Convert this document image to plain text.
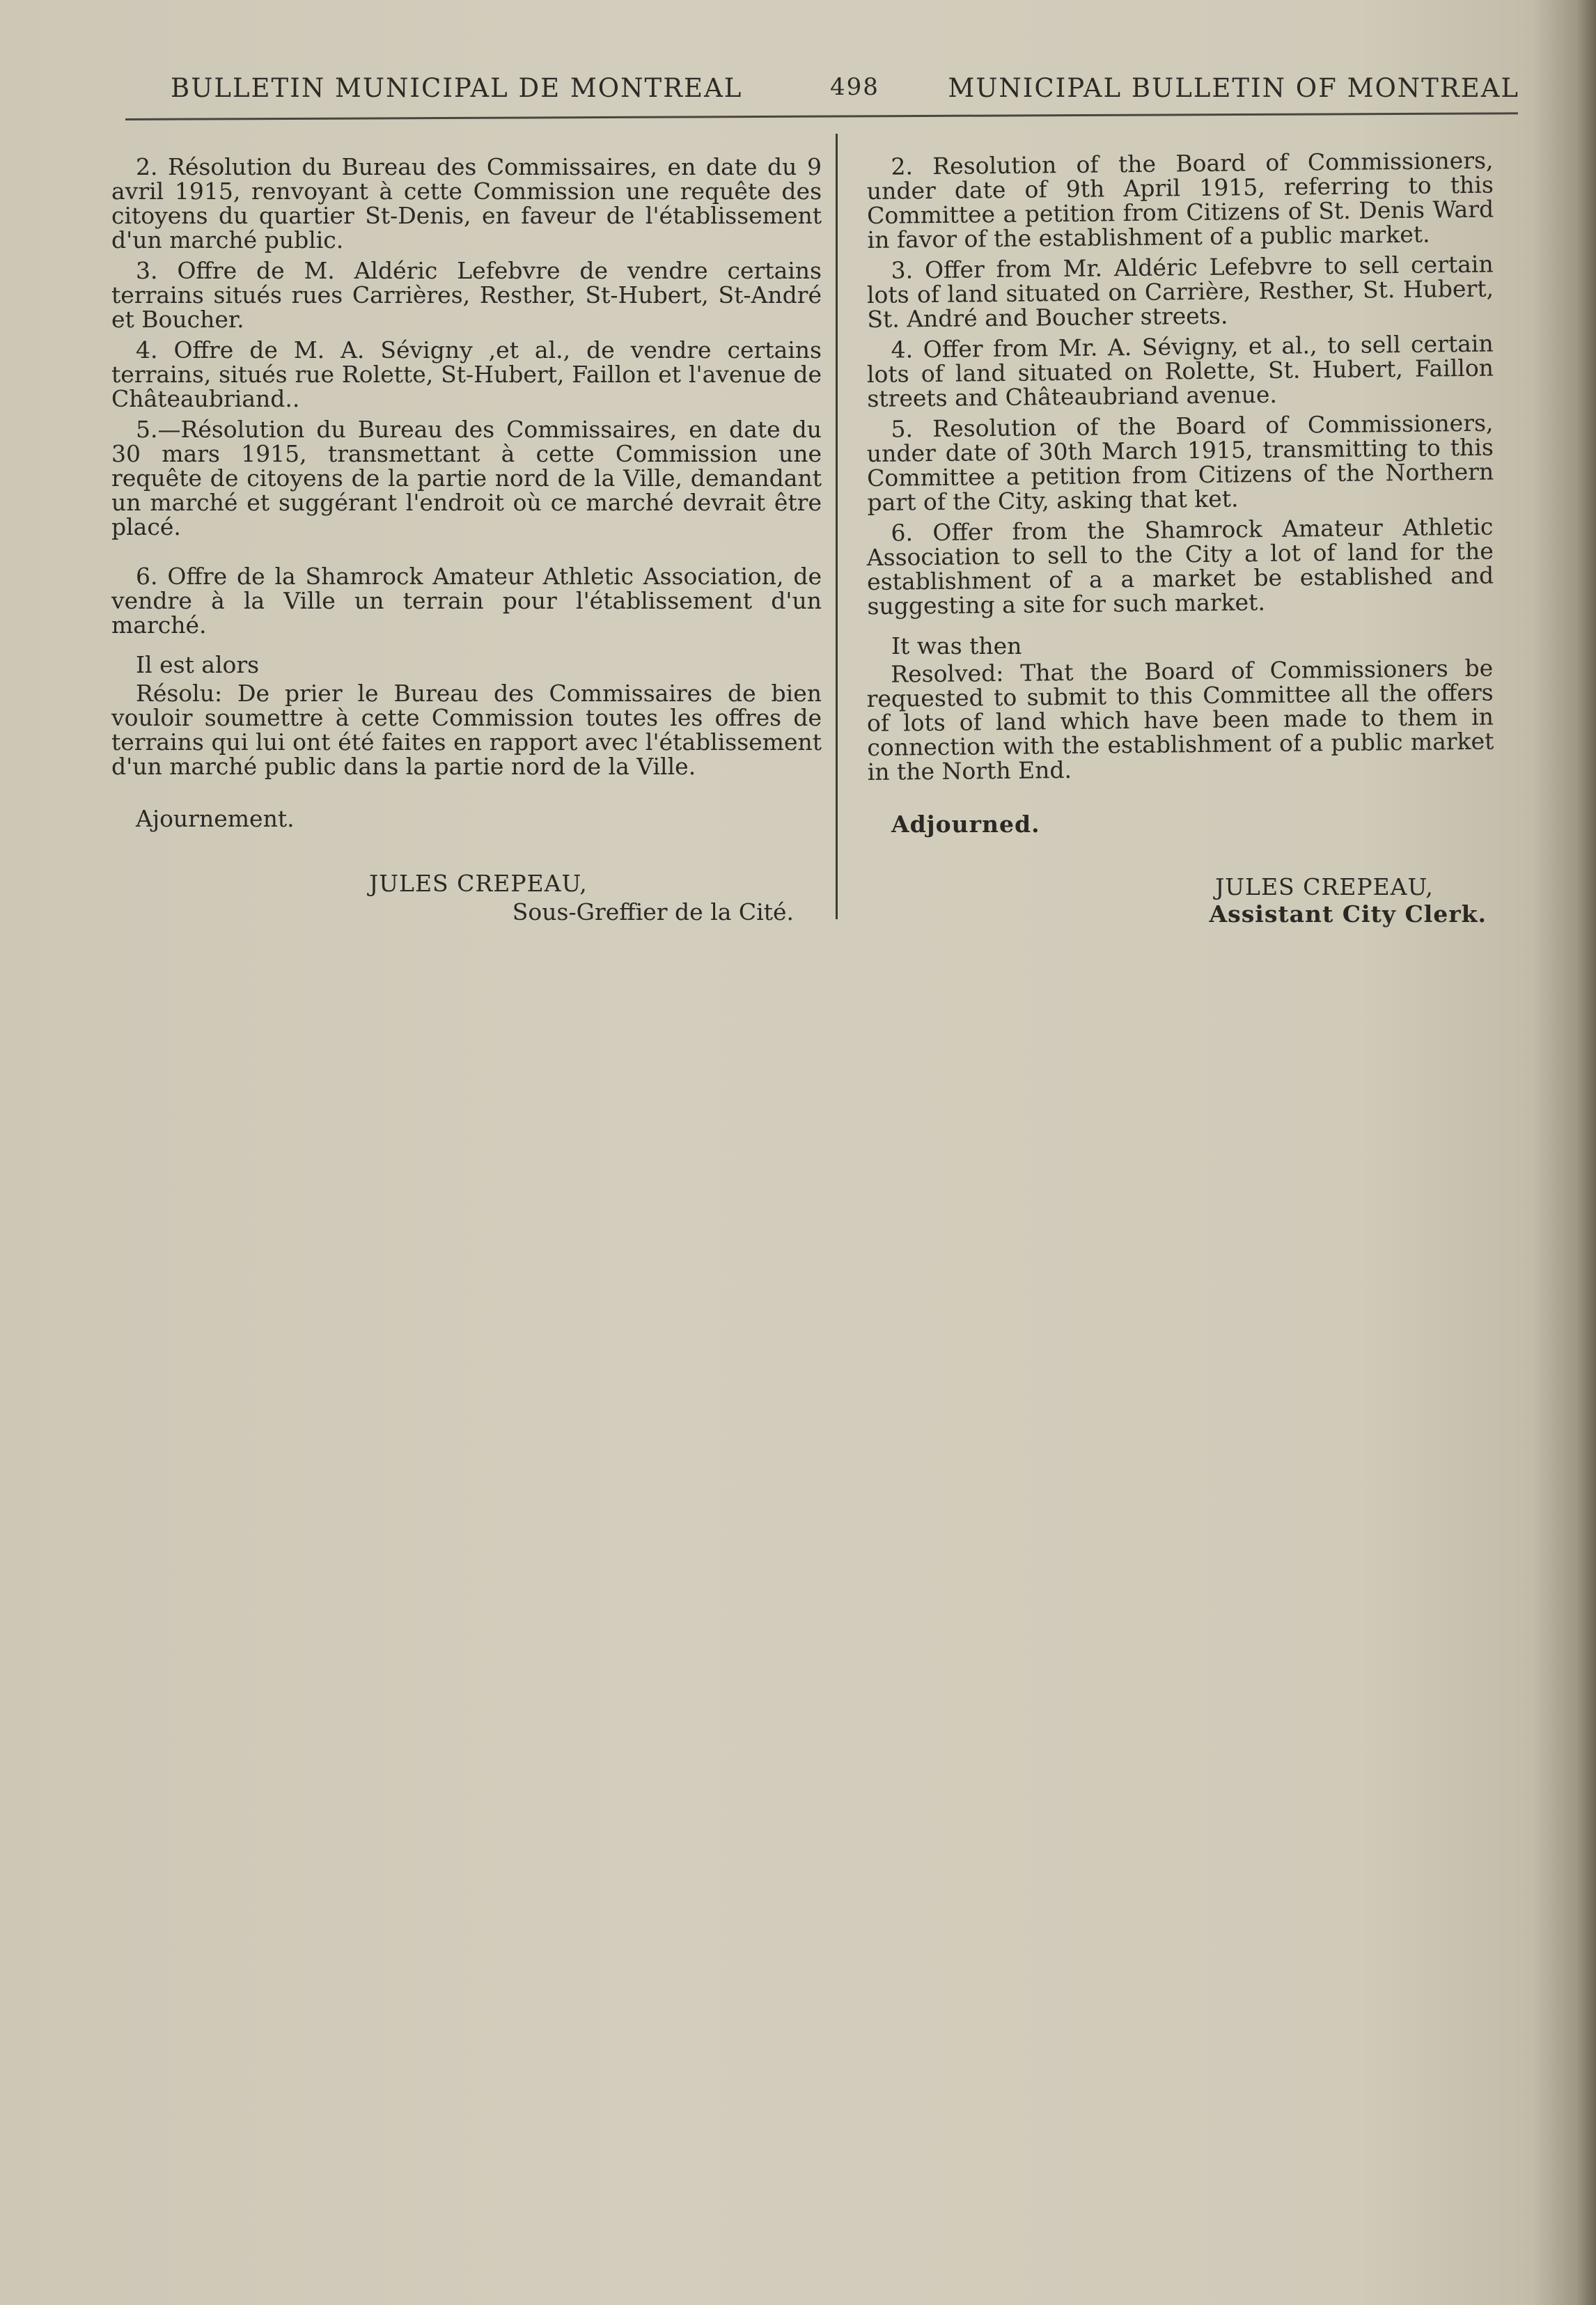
BULLETIN MUNICIPAL DE MONTREAL	498	MUNICIPAL BULLETIN OF MONTREAL

2. Résolution du Bureau des Commissaires, en date du 9 avril 1915, renvoyant à cette Commission une requête des citoyens du quartier St-Denis, en faveur de l'établissement d'un marché public.

3. Offre de M. Aldéric Lefebvre de vendre certains terrains situés rues Carrières, Resther, St-Hubert, St-André et Boucher.

4. Offre de M. A. Sévigny ,et al., de vendre certains terrains, situés rue Rolette, St-Hubert, Faillon et l'avenue de Châteaubriand..

5.—Résolution du Bureau des Commissaires, en date du 30 mars 1915, transmettant à cette Commission une requête de citoyens de la partie nord de la Ville, demandant un marché et suggérant l'endroit où ce marché devrait être placé.

6. Offre de la Shamrock Amateur Athletic Association, de vendre à la Ville un terrain pour l'établissement d'un marché.

Il est alors

Résolu: De prier le Bureau des Commissaires de bien vouloir soumettre à cette Commission toutes les offres de terrains qui lui ont été faites en rapport avec l'établissement d'un marché public dans la partie nord de la Ville.

Ajournement.

JULES CREPEAU,

Sous-Greffier de la Cité.

2. Resolution of the Board of Commissioners, under date of 9th April 1915, referring to this Committee a petition from Citizens of St. Denis Ward in favor of the establishment of a public market.

3. Offer from Mr. Aldéric Lefebvre to sell certain lots of land situated on Carrière, Resther, St. Hubert, St. André and Boucher streets.

4. Offer from Mr. A. Sévigny, et al., to sell certain lots of land situated on Rolette, St. Hubert, Faillon streets and Châteaubriand avenue.

5. Resolution of the Board of Commissioners, under date of 30th March 1915, transmitting to this Committee a petition from Citizens of the Northern part of the City, asking that ket.

6. Offer from the Shamrock Amateur Athletic Association to sell to the City a lot of land for the establishment of a a market be established and suggesting a site for such market.

It was then

Resolved: That the Board of Commissioners be requested to submit to this Committee all the offers of lots of land which have been made to them in connection with the establishment of a public market in the North End.

Adjourned.

JULES CREPEAU,

Assistant City Clerk.
